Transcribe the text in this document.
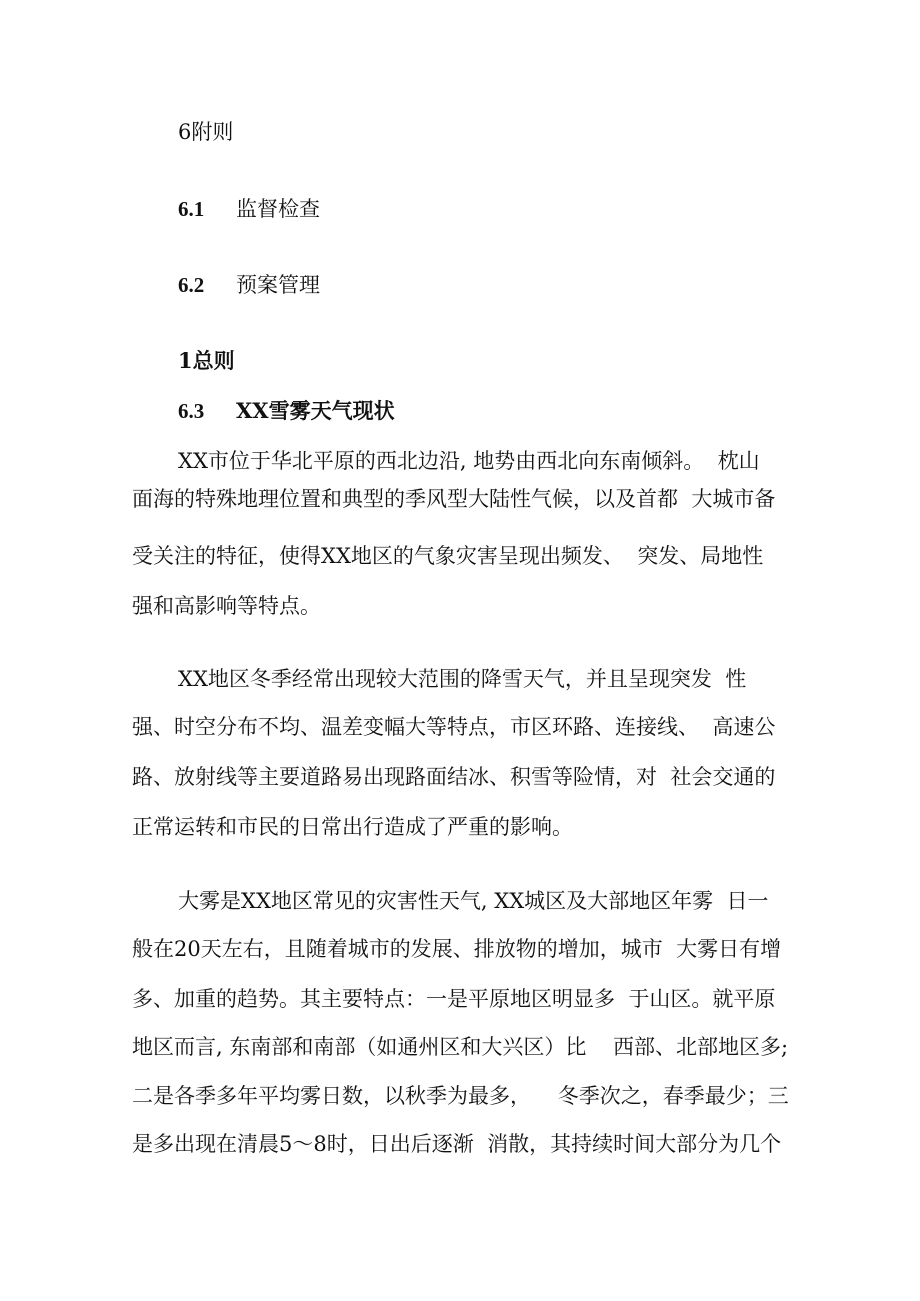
6附则

6.1 监督检查

6.2 预案管理

1总则

6.3 XX雪雾天气现状

XX市位于华北平原的西北边沿, 地势由西北向东南倾斜。  枕山

面海的特殊地理位置和典型的季风型大陆性气候，以及首都  大城市备

受关注的特征，使得XX地区的气象灾害呈现出频发、  突发、局地性

强和高影响等特点。

XX地区冬季经常出现较大范围的降雪天气，并且呈现突发  性

强、时空分布不均、温差变幅大等特点，市区环路、连接线、  高速公

路、放射线等主要道路易出现路面结冰、积雪等险情，对  社会交通的

正常运转和市民的日常出行造成了严重的影响。

大雾是XX地区常见的灾害性天气, XX城区及大部地区年雾  日一

般在20天左右，且随着城市的发展、排放物的增加，城市  大雾日有增

多、加重的趋势。其主要特点：一是平原地区明显多  于山区。就平原

地区而言, 东南部和南部（如通州区和大兴区）比    西部、北部地区多;

二是各季多年平均雾日数，以秋季为最多，    冬季次之，春季最少；三

是多出现在清晨5～8时，日出后逐渐  消散，其持续时间大部分为几个
